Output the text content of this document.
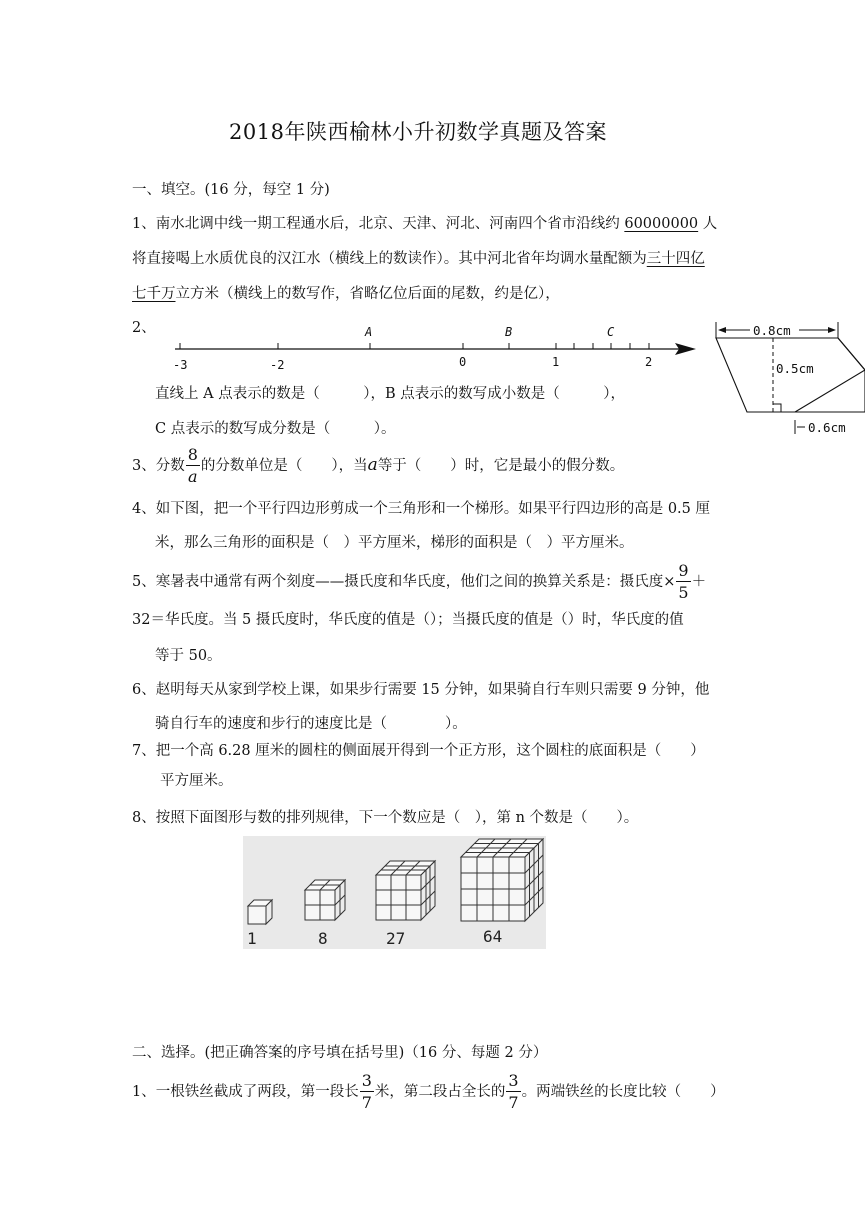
2018年陕西榆林小升初数学真题及答案
一、填空。(16 分，每空 1 分)
1、南水北调中线一期工程通水后，北京、天津、河北、河南四个省市沿线约 60000000 人
将直接喝上水质优良的汉江水（横线上的数读作）。其中河北省年均调水量配额为三十四亿
七千万立方米（横线上的数写作，省略亿位后面的尾数，约是亿），
2、	A	B	C
-3	-2	0	1	2
0.8cm
0.5cm
0.6cm
直线上 A 点表示的数是（　　　），B 点表示的数写成小数是（　　　），
C 点表示的数写成分数是（　　　）。
3、分数 $\frac{8}{a}$ 的分数单位是（　　），当a等于（　　）时，它是最小的假分数。
4、如下图，把一个平行四边形剪成一个三角形和一个梯形。如果平行四边形的高是 0.5 厘
米，那么三角形的面积是（　）平方厘米，梯形的面积是（　）平方厘米。
5、寒暑表中通常有两个刻度——摄氏度和华氏度，他们之间的换算关系是：摄氏度× $\frac{9}{5}$ ＋
32＝华氏度。当 5 摄氏度时，华氏度的值是（）；当摄氏度的值是（）时，华氏度的值
等于 50。
6、赵明每天从家到学校上课，如果步行需要 15 分钟，如果骑自行车则只需要 9 分钟，他
骑自行车的速度和步行的速度比是（　　　　）。
7、把一个高 6.28 厘米的圆柱的侧面展开得到一个正方形，这个圆柱的底面积是（　　）
平方厘米。
8、按照下面图形与数的排列规律，下一个数应是（　），第 n 个数是（　　）。
1	8	27	64
二、选择。(把正确答案的序号填在括号里)（16 分、每题 2 分）
1、一根铁丝截成了两段，第一段长 $\frac{3}{7}$ 米，第二段占全长的 $\frac{3}{7}$ 。两端铁丝的长度比较（　　）
